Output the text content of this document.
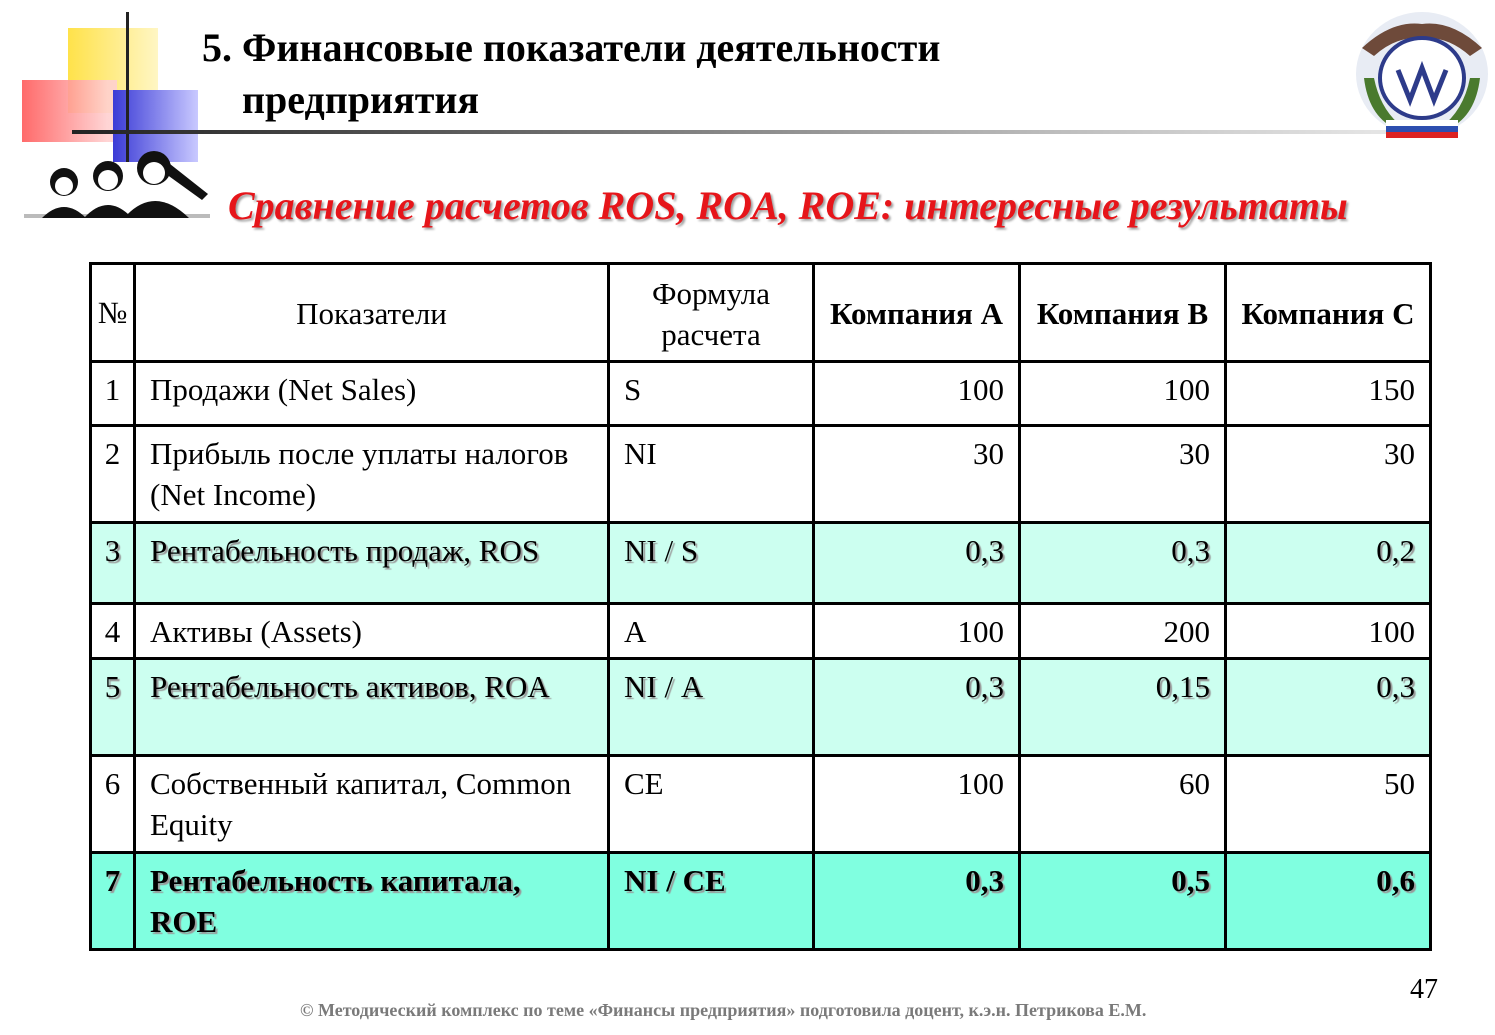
5. Финансовые показатели деятельности
предприятия
Сравнение расчетов ROS, ROA, ROE: интересные результаты
№	Показатели	Формула расчета	Компания А	Компания В	Компания С
1	Продажи (Net Sales)	S	100	100	150
2	Прибыль после уплаты налогов (Net Income)	NI	30	30	30
3	Рентабельность продаж, ROS	NI / S	0,3	0,3	0,2
4	Активы (Assets)	А	100	200	100
5	Рентабельность активов, ROA	NI / А	0,3	0,15	0,3
6	Собственный капитал, Common Equity	CE	100	60	50
7	Рентабельность капитала, ROE	NI / CE	0,3	0,5	0,6
47
© Методический комплекс по теме «Финансы предприятия» подготовила доцент, к.э.н. Петрикова Е.М.
